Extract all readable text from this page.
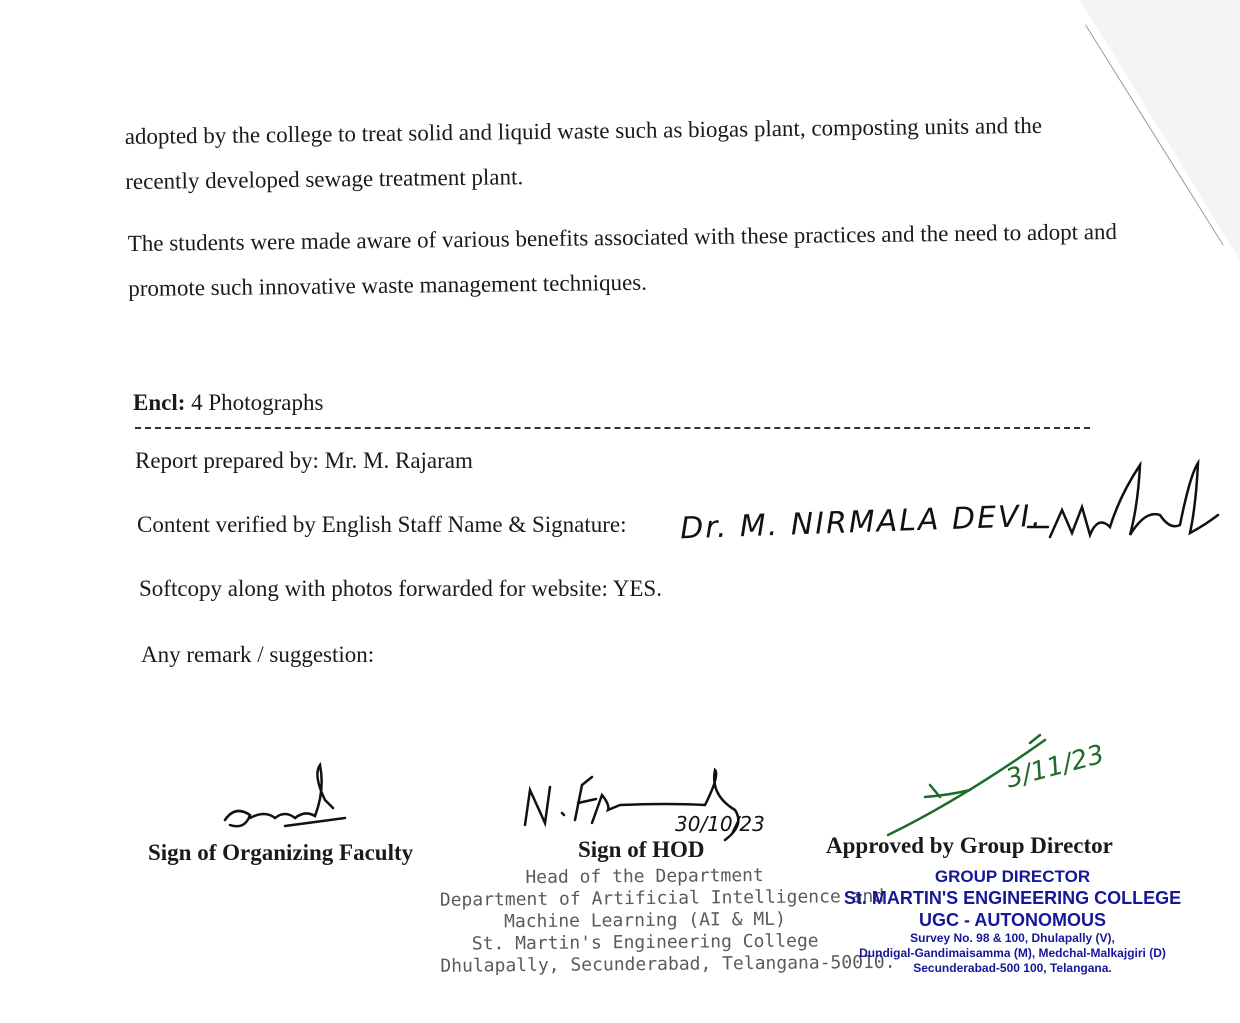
adopted by the college to treat solid and liquid waste such as biogas plant, composting units and the recently developed sewage treatment plant.

The students were made aware of various benefits associated with these practices and the need to adopt and promote such innovative waste management techniques.

Encl: 4 Photographs
Report prepared by: Mr. M. Rajaram
Content verified by English Staff Name & Signature: Dr. M. NIRMALA DEVI.
Softcopy along with photos forwarded for website: YES.
Any remark / suggestion:
Sign of Organizing Faculty
30/10/23
Sign of HOD
Head of the Department
Department of Artificial Intelligence and
Machine Learning (AI & ML)
St. Martin's Engineering College
Dhulapally, Secunderabad, Telangana-50010.
3/11/23
Approved by Group Director
GROUP DIRECTOR
St. MARTIN'S ENGINEERING COLLEGE
UGC - AUTONOMOUS
Survey No. 98 & 100, Dhulapally (V),
Dundigal-Gandimaisamma (M), Medchal-Malkajgiri (D)
Secunderabad-500 100, Telangana.
